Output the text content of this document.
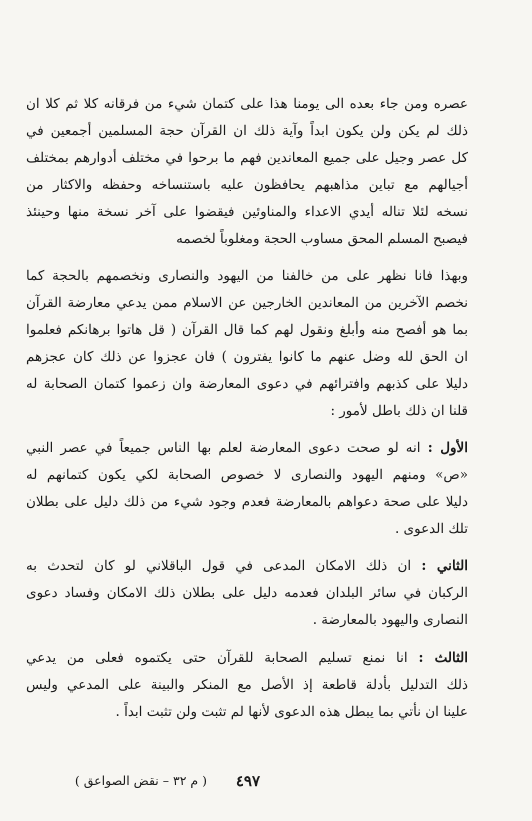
عصره ومن جاء بعده الى يومنا هذا على كتمان شيء من فرقانه كلا ثم كلا ان
ذلك لم يكن ولن يكون ابداً وآية ذلك ان القرآن حجة المسلمين أجمعين في
كل عصر وجيل على جميع المعاندين فهم ما برحوا في مختلف أدوارهم بمختلف
أجيالهم مع تباين مذاهبهم يحافظون عليه باستنساخه وحفظه والاكثار من
نسخه لئلا تناله أيدي الاعداء والمناوئين فيقضوا على آخر نسخة منها وحينئذ
فيصبح المسلم المحق مساوب الحجة ومغلوباً لخصمه
وبهذا فانا نظهر على من خالفنا من اليهود والنصارى ونخصمهم بالحجة كما
نخصم الآخرين من المعاندين الخارجين عن الاسلام ممن يدعي معارضة القرآن
بما هو أفصح منه وأبلغ ونقول لهم كما قال القرآن ( قل هاتوا برهانكم فعلموا
ان الحق لله وضل عنهم ما كانوا يفترون ) فان عجزوا عن ذلك كان عجزهم
دليلا على كذبهم وافترائهم في دعوى المعارضة وان زعموا كتمان الصحابة له
قلنا ان ذلك باطل لأمور :
الأول : انه لو صحت دعوى المعارضة لعلم بها الناس جميعاً في عصر النبي
«ص» ومنهم اليهود والنصارى لا خصوص الصحابة لكي يكون كتمانهم له
دليلا على صحة دعواهم بالمعارضة فعدم وجود شيء من ذلك دليل على بطلان
تلك الدعوى .
الثاني : ان ذلك الامكان المدعى في قول الباقلاني لو كان لتحدث به
الركبان في سائر البلدان فعدمه دليل على بطلان ذلك الامكان وفساد دعوى
النصارى واليهود بالمعارضة .
الثالث : انا نمنع تسليم الصحابة للقرآن حتى يكتموه فعلى من يدعي
ذلك التدليل بأدلة قاطعة إذ الأصل مع المنكر والبينة على المدعي وليس
علينا ان نأتي بما يبطل هذه الدعوى لأنها لم تثبت ولن تثبت ابداً .
٤٩٧
( م ٣٢ – نقض الصواعق )
